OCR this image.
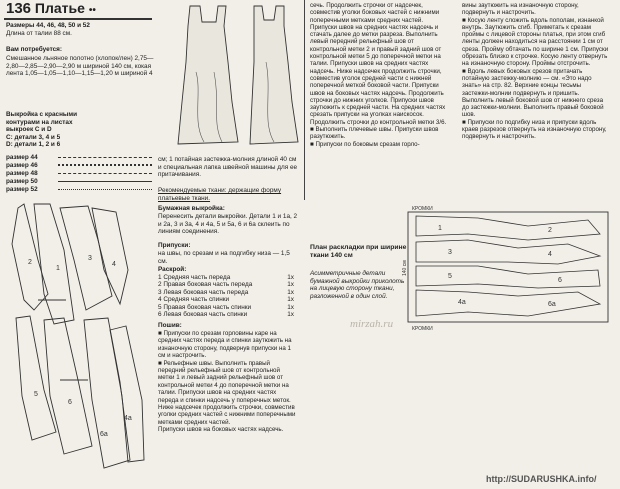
136 Платье ••
Размеры 44, 46, 48, 50 и 52
Длина от талии 88 см.
Вам потребуется:
Смешанное льняное полотно (хлопок/лен) 2,75—2,80—2,85—2,90—2,90 м шириной 140 см, кокая лента 1,05—1,05—1,10—1,15—1,20 м шириной 4
Выкройка с красными
контурами на листах
выкроек С и D
C: детали 3, 4 и 5
D: детали 1, 2 и 6
размер 44
размер 46
размер 48
размер 50
размер 52
2
1
3
4
5
6
4а
6а
см; 1 потайная застежка-молния длиной 40 см и специальная лапка швейной машины для ее притачивания.
Рекомендуемые ткани: держащие форму платьевые ткани.
Бумажная выкройка:
Перенесить детали выкройки. Детали 1 и 1а, 2 и 2а, 3 и 3а, 4 и 4а, 5 и 5а, 6 и 6а склеить по линиям соединения.
Припуски:
на швы, по срезам и на подгибку низа — 1,5 см.
Раскрой:
1 Средняя часть переда	1x
2 Правая боковая часть переда	1x
3 Левая боковая часть переда	1x
4 Средняя часть спинки	1x
5 Правая боковая часть спинки	1x
6 Левая боковая часть спинки	1x
Пошив:
■ Припуски по срезам горловины каре на средних частях переда и спинки заутюжить на изнаночную сторону, подвернув припуски на 1 см и настрочить.
■ Рельефные швы. Выполнить правый передний рельефный шов от контрольной метки 1 и левый задний рельефный шов от контрольной метки 4 до поперечной метки на талии. Припуски швов на средних частях переда и спинки надсечь у поперечных меток. Ниже надсечек продолжить строчки, совместив уголки средних частей с нижними поперечными метками средних частей.
Припуски швов на боковых частях надсечь.
сечь. Продолжить строчки от надсечек, совместив уголки боковых частей с нижними поперечными метками средних частей. Припуски швов на средних частях надсечь и стачать далее до метки разреза. Выполнить левый передний рельефный шов от контрольной метки 2 и правый задний шов от контрольной метки 5 до поперечной метки на талии. Припуски швов на средних частях надсечь. Ниже надсечек продолжить строчки, совместив уголок средней части с нижней поперечной меткой боковой части. Припуски швов на боковых частях надсечь. Продолжить строчки до нижних уголков. Припуски швов заутюжить к средней части. На средних частях срезать припуски на уголках наискосок. Продолжить строчки до контрольной метки 3/6.
■ Выполнить плечевые швы. Припуски швов разутюжить.
■ Припуски по боковым срезам горло-
План раскладки при ширине ткани 140 см
Асимметричные детали бумажной выкройки приколоть на лицевую сторону ткани, разложенной в один слой.
КРОМКИ
КРОМКИ
140 см
1	2
3	4
5
6
4а	6а
вины заутюжить на изнаночную сторону, подвернуть и настрочить.
■ Косую ленту сложить вдоль пополам, изнанкой внутрь. Заутюжить сгиб. Приметать к срезам проймы с лицевой стороны платья, при этом сгиб ленты должен находиться на расстоянии 1 см от среза. Пройму обтачать по ширине 1 см. Припуски обрезать близко к строчке. Косую ленту отвернуть на изнаночную сторону. Проймы отстрочить.
■ Вдоль левых боковых срезов притачать потайную застежку-молнию — см. «Это надо знать» на стр. 82. Верхние концы тесьмы застежки-молнии подвернуть и пришить. Выполнить левый боковой шов от нижнего среза до застежки-молнии. Выполнить правый боковой шов.
■ Припуски по подгибку низа и припуски вдоль краев разрезов отвернуть на изнаночную сторону, подвернуть и настрочить.
mirzah.ru
http://SUDARUSHKA.info/
